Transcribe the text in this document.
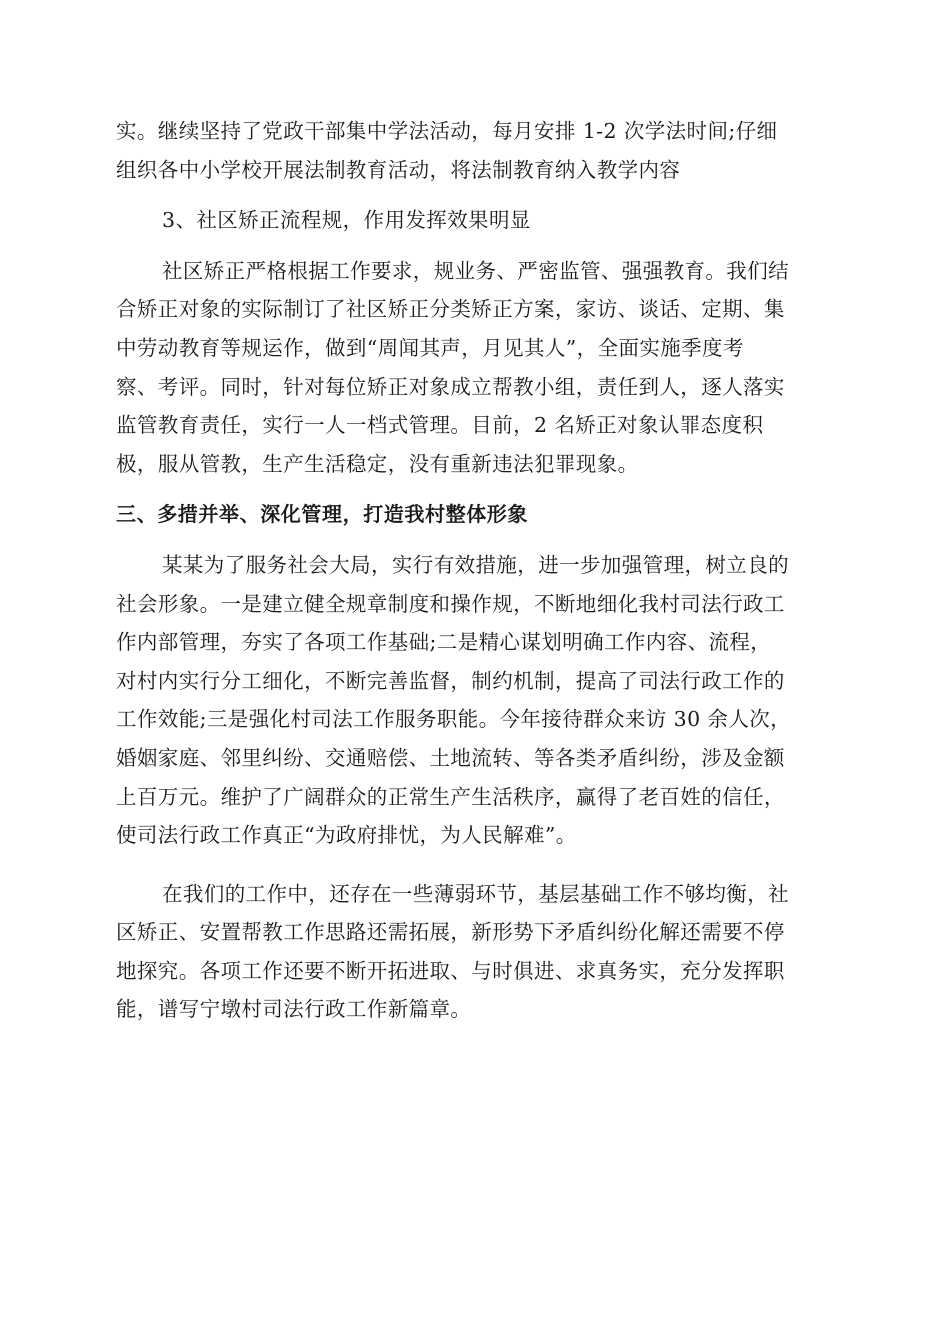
实。继续坚持了党政干部集中学法活动，每月安排 1-2 次学法时间;仔细
组织各中小学校开展法制教育活动，将法制教育纳入教学内容
3、社区矫正流程规，作用发挥效果明显
社区矫正严格根据工作要求，规业务、严密监管、强强教育。我们结
合矫正对象的实际制订了社区矫正分类矫正方案，家访、谈话、定期、集
中劳动教育等规运作，做到“周闻其声，月见其人”，全面实施季度考
察、考评。同时，针对每位矫正对象成立帮教小组，责任到人，逐人落实
监管教育责任，实行一人一档式管理。目前，2 名矫正对象认罪态度积
极，服从管教，生产生活稳定，没有重新违法犯罪现象。
三、多措并举、深化管理，打造我村整体形象
某某为了服务社会大局，实行有效措施，进一步加强管理，树立良的
社会形象。一是建立健全规章制度和操作规，不断地细化我村司法行政工
作内部管理，夯实了各项工作基础;二是精心谋划明确工作内容、流程，
对村内实行分工细化，不断完善监督，制约机制，提高了司法行政工作的
工作效能;三是强化村司法工作服务职能。今年接待群众来访 30 余人次，
婚姻家庭、邻里纠纷、交通赔偿、土地流转、等各类矛盾纠纷，涉及金额
上百万元。维护了广阔群众的正常生产生活秩序，赢得了老百姓的信任，
使司法行政工作真正“为政府排忧，为人民解难”。
在我们的工作中，还存在一些薄弱环节，基层基础工作不够均衡，社
区矫正、安置帮教工作思路还需拓展，新形势下矛盾纠纷化解还需要不停
地探究。各项工作还要不断开拓进取、与时俱进、求真务实，充分发挥职
能，谱写宁墩村司法行政工作新篇章。
